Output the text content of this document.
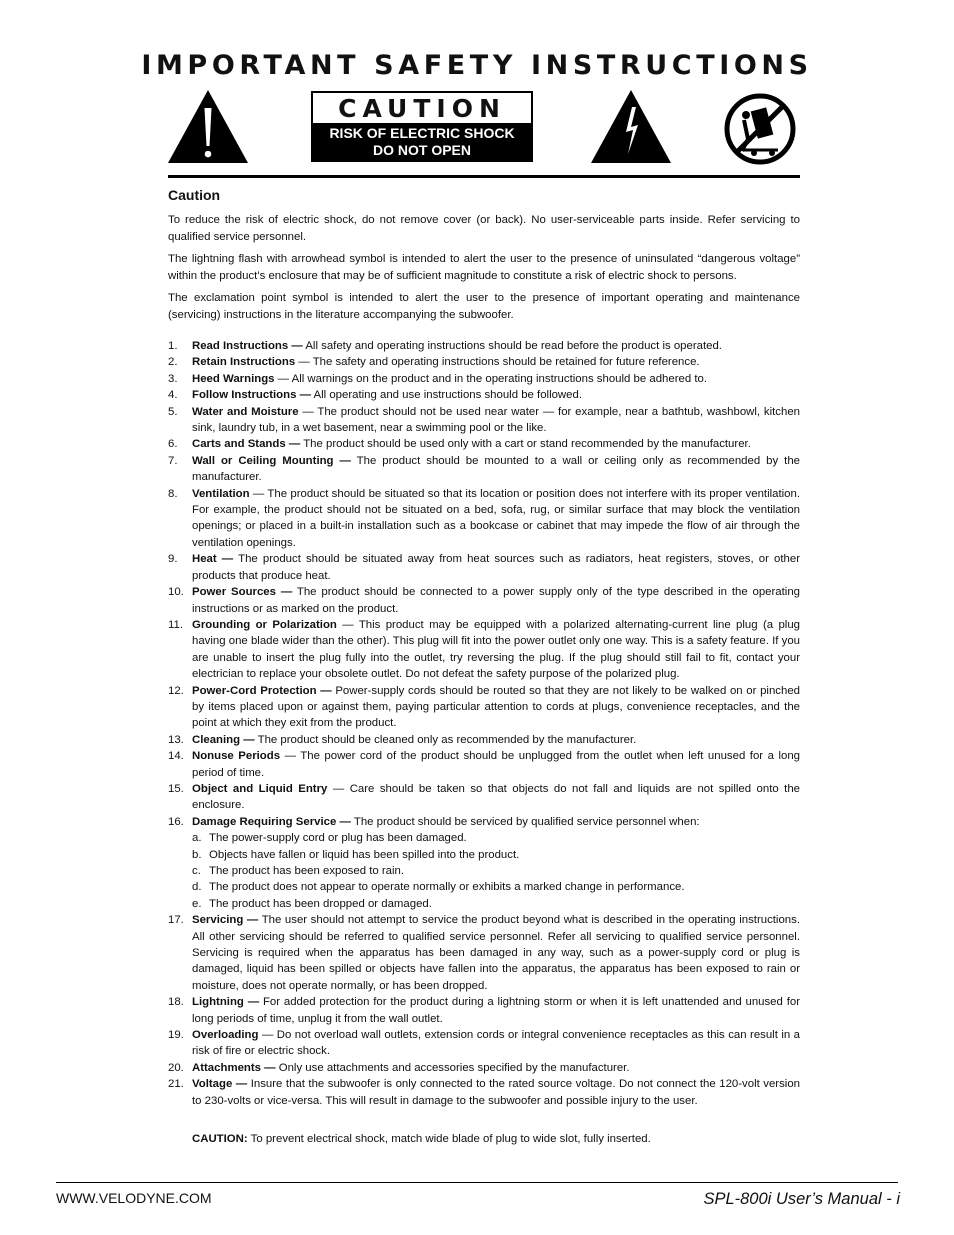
IMPORTANT SAFETY INSTRUCTIONS
CAUTION
RISK OF ELECTRIC SHOCK
DO NOT OPEN
Caution

To reduce the risk of electric shock, do not remove cover (or back). No user-serviceable parts inside. Refer servicing to qualified service personnel.

The lightning flash with arrowhead symbol is intended to alert the user to the presence of uninsulated “dangerous voltage” within the product’s enclosure that may be of sufficient magnitude to constitute a risk of electric shock to persons.

The exclamation point symbol is intended to alert the user to the presence of important operating and maintenance (servicing) instructions in the literature accompanying the subwoofer.

1. Read Instructions — All safety and operating instructions should be read before the product is operated.
2. Retain Instructions — The safety and operating instructions should be retained for future reference.
3. Heed Warnings — All warnings on the product and in the operating instructions should be adhered to.
4. Follow Instructions — All operating and use instructions should be followed.
5. Water and Moisture — The product should not be used near water — for example, near a bathtub, washbowl, kitchen sink, laundry tub, in a wet basement, near a swimming pool or the like.
6. Carts and Stands — The product should be used only with a cart or stand recommended by the manufacturer.
7. Wall or Ceiling Mounting — The product should be mounted to a wall or ceiling only as recommended by the manufacturer.
8. Ventilation — The product should be situated so that its location or position does not interfere with its proper ventilation. For example, the product should not be situated on a bed, sofa, rug, or similar surface that may block the ventilation openings; or placed in a built-in installation such as a bookcase or cabinet that may impede the flow of air through the ventilation openings.
9. Heat — The product should be situated away from heat sources such as radiators, heat registers, stoves, or other products that produce heat.
10. Power Sources — The product should be connected to a power supply only of the type described in the operating instructions or as marked on the product.
11. Grounding or Polarization — This product may be equipped with a polarized alternating-current line plug (a plug having one blade wider than the other). This plug will fit into the power outlet only one way. This is a safety feature. If you are unable to insert the plug fully into the outlet, try reversing the plug. If the plug should still fail to fit, contact your electrician to replace your obsolete outlet. Do not defeat the safety purpose of the polarized plug.
12. Power-Cord Protection — Power-supply cords should be routed so that they are not likely to be walked on or pinched by items placed upon or against them, paying particular attention to cords at plugs, convenience receptacles, and the point at which they exit from the product.
13. Cleaning — The product should be cleaned only as recommended by the manufacturer.
14. Nonuse Periods — The power cord of the product should be unplugged from the outlet when left unused for a long period of time.
15. Object and Liquid Entry — Care should be taken so that objects do not fall and liquids are not spilled onto the enclosure.
16. Damage Requiring Service — The product should be serviced by qualified service personnel when:
a. The power-supply cord or plug has been damaged.
b. Objects have fallen or liquid has been spilled into the product.
c. The product has been exposed to rain.
d. The product does not appear to operate normally or exhibits a marked change in performance.
e. The product has been dropped or damaged.
17. Servicing — The user should not attempt to service the product beyond what is described in the operating instructions. All other servicing should be referred to qualified service personnel. Refer all servicing to qualified service personnel. Servicing is required when the apparatus has been damaged in any way, such as a power-supply cord or plug is damaged, liquid has been spilled or objects have fallen into the apparatus, the apparatus has been exposed to rain or moisture, does not operate normally, or has been dropped.
18. Lightning — For added protection for the product during a lightning storm or when it is left unattended and unused for long periods of time, unplug it from the wall outlet.
19. Overloading — Do not overload wall outlets, extension cords or integral convenience receptacles as this can result in a risk of fire or electric shock.
20. Attachments — Only use attachments and accessories specified by the manufacturer.
21. Voltage — Insure that the subwoofer is only connected to the rated source voltage. Do not connect the 120-volt version to 230-volts or vice-versa. This will result in damage to the subwoofer and possible injury to the user.
CAUTION: To prevent electrical shock, match wide blade of plug to wide slot, fully inserted.
WWW.VELODYNE.COM	SPL-800i User’s Manual - i
